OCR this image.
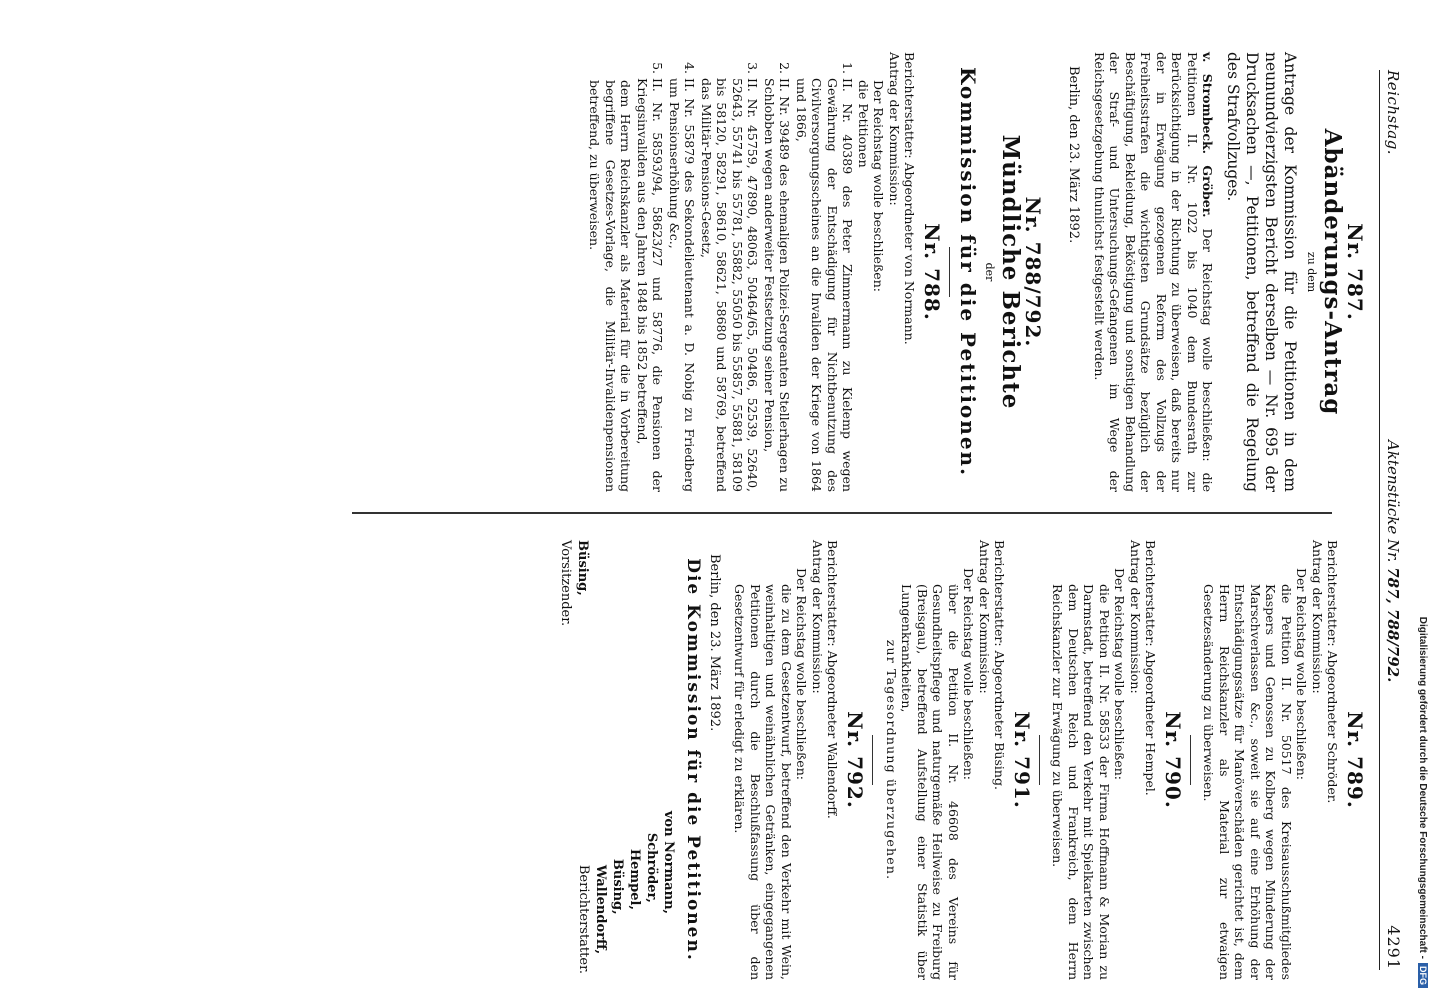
Reichstag.
Aktenstücke Nr. 787, 788/792.
4291
Nr. 787.
Abänderungs-Antrag
zu dem
Antrage der Kommission für die Petitionen in dem neunundvierzigsten Bericht derselben — Nr. 695 der Drucksachen —, Petitionen, betreffend die Regelung des Strafvollzuges.

v. Strombeck. Gröber. Der Reichstag wolle beschließen: die Petitionen II. Nr. 1022 bis 1040 dem Bundesrath zur Berücksichtigung in der Richtung zu überweisen, daß bereits nur der in Erwägung gezogenen Reform des Vollzugs der Freiheitsstrafen die wichtigsten Grundsätze bezüglich der Beschäftigung, Bekleidung, Beköstigung und sonstigen Behandlung der Straf- und Untersuchungs-Gefangenen im Wege der Reichsgesetzgebung thunlichst festgestellt werden.

Berlin, den 23. März 1892.
Nr. 788/792.
Mündliche Berichte
der
Kommission für die Petitionen.
Nr. 788.
Berichterstatter: Abgeordneter von Normann.
Antrag der Kommission:
Der Reichstag wolle beschließen:
die Petitionen
1. II. Nr. 40389 des Peter Zimmermann zu Kielemp wegen Gewährung der Entschädigung für Nichtbenutzung des Civilversorgungsscheines an die Invaliden der Kriege von 1864 und 1866,
2. II. Nr. 39489 des ehemaligen Polizei-Sergeanten Stellerhagen zu Schlobben wegen anderweiter Festsetzung seiner Pension,
3. II. Nr. 45759, 47890, 48063, 50464/65, 50486, 52539, 52640, 52643, 55741 bis 55781, 55882, 55050 bis 55857, 55881, 58109 bis 58120, 58291, 58610, 58621, 58680 und 58769, betreffend das Militär-Pensions-Gesetz,
4. II. Nr. 55879 des Sekondelieutenant a. D. Nobig zu Friedberg um Pensionserhöhung &c.,
5. II. Nr. 58593/94, 58623/27 und 58776, die Pensionen der Kriegsinvaliden aus den Jahren 1848 bis 1852 betreffend,
dem Herrn Reichskanzler als Material für die in Vorbereitung begriffene Gesetzes-Vorlage, die Militär-Invalidenpensionen betreffend, zu überweisen.
Nr. 789.
Berichterstatter: Abgeordneter Schröder.
Antrag der Kommission:
Der Reichstag wolle beschließen:
die Petition II. Nr. 50517 des Kreisausschußmitgliedes Kaspers und Genossen zu Kolberg wegen Minderung der Marschverlassen &c., soweit sie auf eine Erhöhung der Entschädigungssätze für Manöverschäden gerichtet ist, dem Herrn Reichskanzler als Material zur etwaigen Gesetzesänderung zu überweisen.
Nr. 790.
Berichterstatter: Abgeordneter Hempel.
Antrag der Kommission:
Der Reichstag wolle beschließen:
die Petition II. Nr. 58533 der Firma Hoffmann & Morian zu Darmstadt, betreffend den Verkehr mit Spielkarten zwischen dem Deutschen Reich und Frankreich, dem Herrn Reichskanzler zur Erwägung zu überweisen.
Nr. 791.
Berichterstatter: Abgeordneter Büsing.
Antrag der Kommission:
Der Reichstag wolle beschließen:
über die Petition II. Nr. 46608 des Vereins für Gesundheitspflege und naturgemäße Heilweise zu Freiburg (Breisgau), betreffend Aufstellung einer Statistik über Lungenkrankheiten,
zur Tagesordnung überzugehen.
Nr. 792.
Berichterstatter: Abgeordneter Wallendorff.
Antrag der Kommission:
Der Reichstag wolle beschließen:
die zu dem Gesetzentwurf, betreffend den Verkehr mit Wein, weinhaltigen und weinähnlichen Getränken, eingegangenen Petitionen durch die Beschlußfassung über den Gesetzentwurf für erledigt zu erklären.
Berlin, den 23. März 1892.
Die Kommission für die Petitionen.
Büsing,
Vorsitzender.
von Normann,
Schröder,
Hempel,
Büsing,
Wallendorff,
Berichterstatter.	Digitalisierung gefördert durch die Deutsche Forschungsgemeinschaft -DFG
